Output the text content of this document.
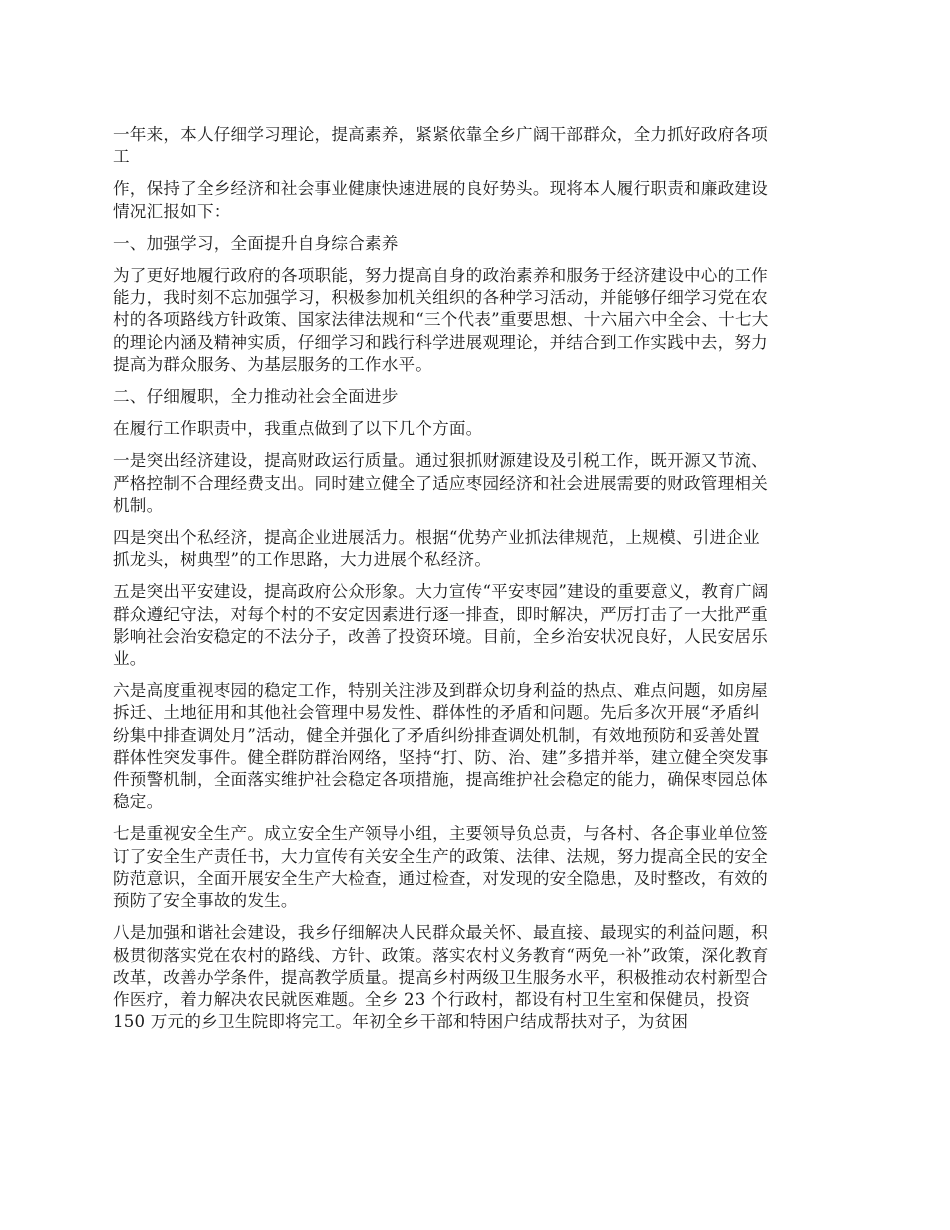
一年来，本人仔细学习理论，提高素养，紧紧依靠全乡广阔干部群众，全力抓好政府各项
工

作，保持了全乡经济和社会事业健康快速进展的良好势头。现将本人履行职责和廉政建设
情况汇报如下：

一、加强学习，全面提升自身综合素养

为了更好地履行政府的各项职能，努力提高自身的政治素养和服务于经济建设中心的工作
能力，我时刻不忘加强学习，积极参加机关组织的各种学习活动，并能够仔细学习党在农
村的各项路线方针政策、国家法律法规和“三个代表”重要思想、十六届六中全会、十七大
的理论内涵及精神实质，仔细学习和践行科学进展观理论，并结合到工作实践中去，努力
提高为群众服务、为基层服务的工作水平。

二、仔细履职，全力推动社会全面进步

在履行工作职责中，我重点做到了以下几个方面。

一是突出经济建设，提高财政运行质量。通过狠抓财源建设及引税工作，既开源又节流、
严格控制不合理经费支出。同时建立健全了适应枣园经济和社会进展需要的财政管理相关
机制。

四是突出个私经济，提高企业进展活力。根据“优势产业抓法律规范，上规模、引进企业
抓龙头，树典型”的工作思路，大力进展个私经济。

五是突出平安建设，提高政府公众形象。大力宣传“平安枣园”建设的重要意义，教育广阔
群众遵纪守法，对每个村的不安定因素进行逐一排查，即时解决，严厉打击了一大批严重
影响社会治安稳定的不法分子，改善了投资环境。目前，全乡治安状况良好，人民安居乐
业。

六是高度重视枣园的稳定工作，特别关注涉及到群众切身利益的热点、难点问题，如房屋
拆迁、土地征用和其他社会管理中易发性、群体性的矛盾和问题。先后多次开展“矛盾纠
纷集中排查调处月”活动，健全并强化了矛盾纠纷排查调处机制，有效地预防和妥善处置
群体性突发事件。健全群防群治网络，坚持“打、防、治、建”多措并举，建立健全突发事
件预警机制，全面落实维护社会稳定各项措施，提高维护社会稳定的能力，确保枣园总体
稳定。

七是重视安全生产。成立安全生产领导小组，主要领导负总责，与各村、各企事业单位签
订了安全生产责任书，大力宣传有关安全生产的政策、法律、法规，努力提高全民的安全
防范意识，全面开展安全生产大检查，通过检查，对发现的安全隐患，及时整改，有效的
预防了安全事故的发生。

八是加强和谐社会建设，我乡仔细解决人民群众最关怀、最直接、最现实的利益问题，积
极贯彻落实党在农村的路线、方针、政策。落实农村义务教育“两免一补”政策，深化教育
改革，改善办学条件，提高教学质量。提高乡村两级卫生服务水平，积极推动农村新型合
作医疗，着力解决农民就医难题。全乡 23 个行政村，都设有村卫生室和保健员，投资
150 万元的乡卫生院即将完工。年初全乡干部和特困户结成帮扶对子，为贫困
